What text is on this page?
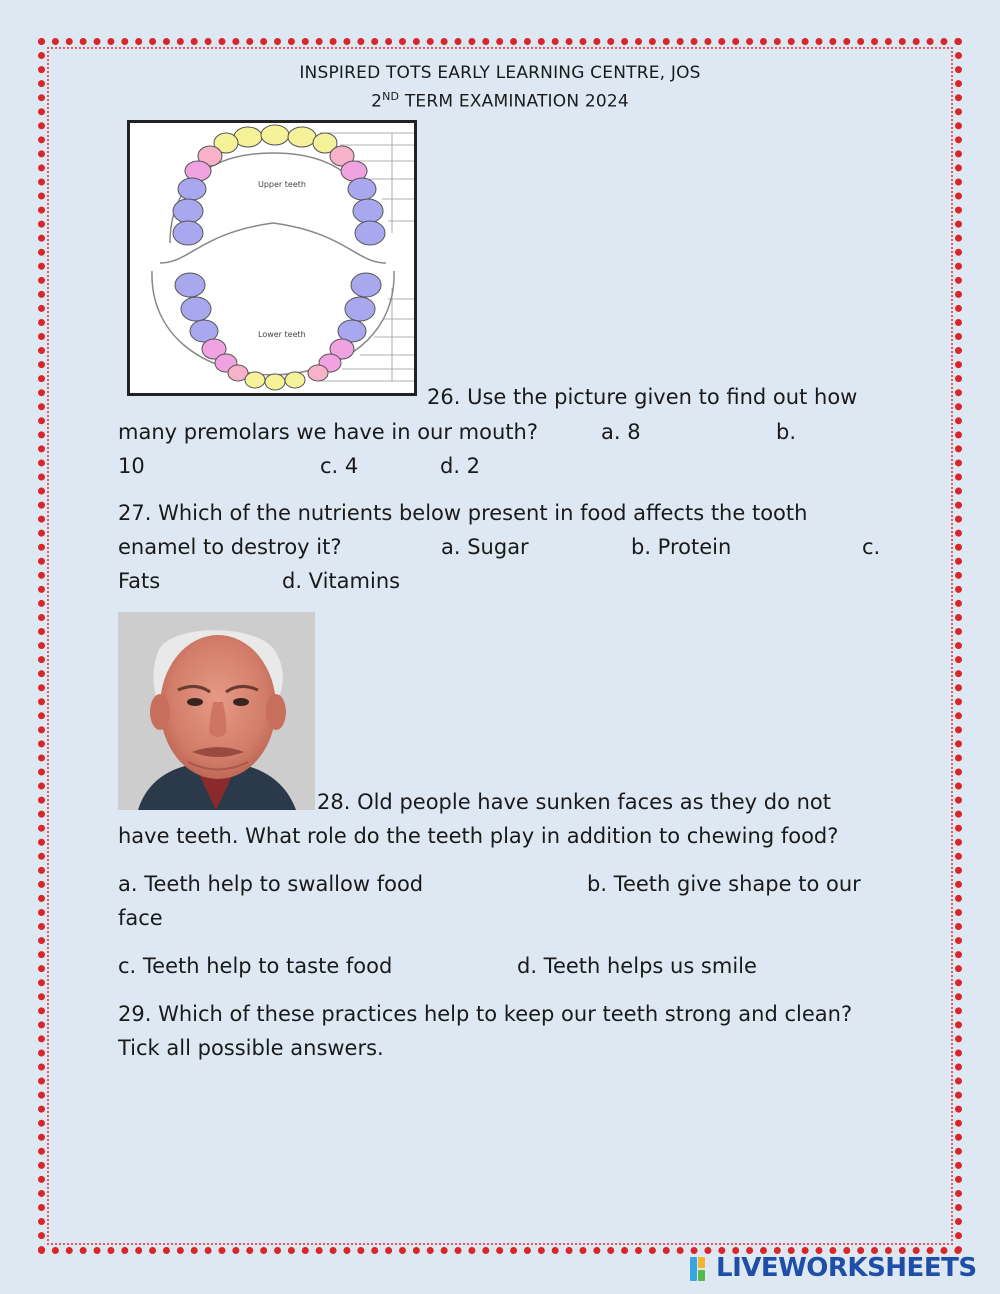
INSPIRED TOTS EARLY LEARNING CENTRE, JOS
2ND TERM EXAMINATION 2024
Upper teeth
Lower teeth
26. Use the picture given to find out how
many premolars we have in our mouth?	a. 8	b.
10	c. 4	d. 2
27. Which of the nutrients below present in food affects the tooth
enamel to destroy it?	a. Sugar	b. Protein	c.
Fats	d. Vitamins
28. Old people have sunken faces as they do not
have teeth. What role do the teeth play in addition to chewing food?
a. Teeth help to swallow food	b. Teeth give shape to our
face
c. Teeth help to taste food	d. Teeth helps us smile
29. Which of these practices help to keep our teeth strong and clean?
Tick all possible answers.
LIVEWORKSHEETS
